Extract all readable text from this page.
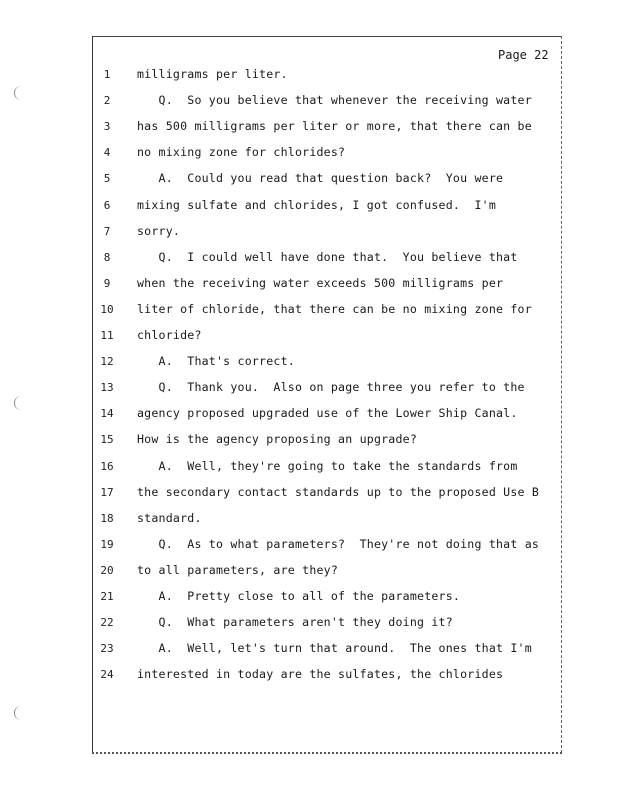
Page 22
1	milligrams per liter.
2	Q.  So you believe that whenever the receiving water
3	has 500 milligrams per liter or more, that there can be
4	no mixing zone for chlorides?
5	A.  Could you read that question back?  You were
6	mixing sulfate and chlorides, I got confused.  I'm
7	sorry.
8	Q.  I could well have done that.  You believe that
9	when the receiving water exceeds 500 milligrams per
10	liter of chloride, that there can be no mixing zone for
11	chloride?
12	A.  That's correct.
13	Q.  Thank you.  Also on page three you refer to the
14	agency proposed upgraded use of the Lower Ship Canal.
15	How is the agency proposing an upgrade?
16	A.  Well, they're going to take the standards from
17	the secondary contact standards up to the proposed Use B
18	standard.
19	Q.  As to what parameters?  They're not doing that as
20	to all parameters, are they?
21	A.  Pretty close to all of the parameters.
22	Q.  What parameters aren't they doing it?
23	A.  Well, let's turn that around.  The ones that I'm
24	interested in today are the sulfates, the chlorides
